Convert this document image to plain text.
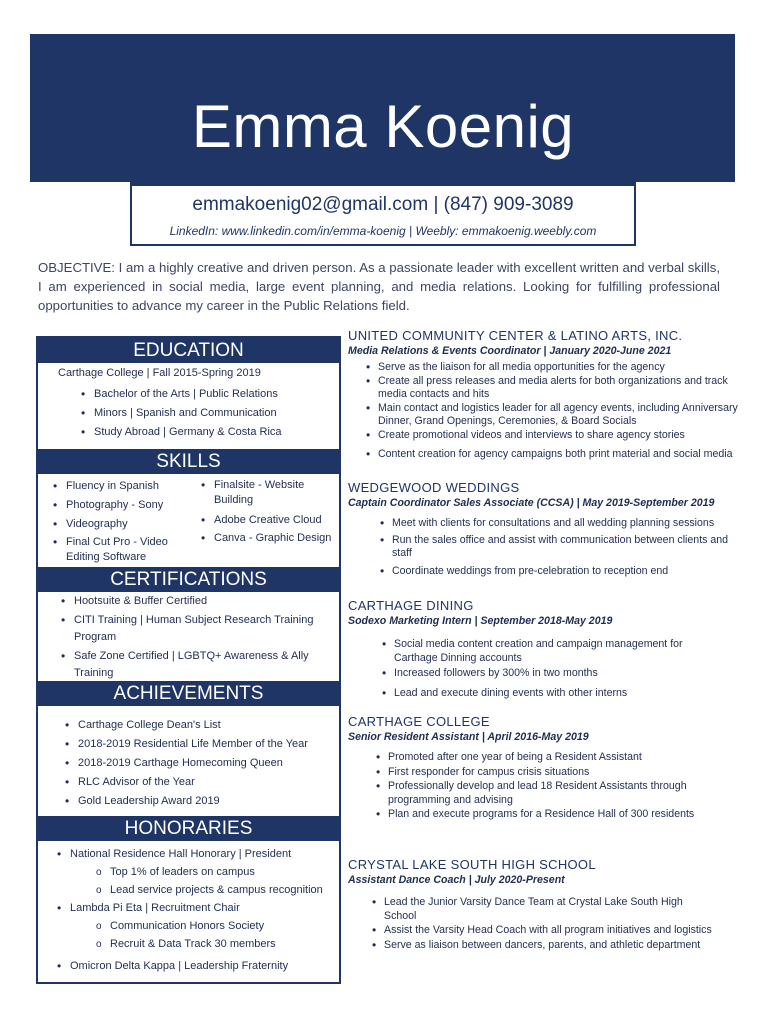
Emma Koenig
emmakoenig02@gmail.com | (847) 909-3089
LinkedIn: www.linkedin.com/in/emma-koenig | Weebly: emmakoenig.weebly.com
OBJECTIVE: I am a highly creative and driven person. As a passionate leader with excellent written and verbal skills, I am experienced in social media, large event planning, and media relations. Looking for fulfilling professional opportunities to advance my career in the Public Relations field.
EDUCATION
Carthage College | Fall 2015-Spring 2019
• Bachelor of the Arts | Public Relations
• Minors | Spanish and Communication
• Study Abroad | Germany & Costa Rica
SKILLS
• Fluency in Spanish
• Photography - Sony
• Videography
• Final Cut Pro - Video Editing Software
• Finalsite - Website Building
• Adobe Creative Cloud
• Canva - Graphic Design
CERTIFICATIONS
• Hootsuite & Buffer Certified
• CITI Training | Human Subject Research Training Program
• Safe Zone Certified | LGBTQ+ Awareness & Ally Training
ACHIEVEMENTS
• Carthage College Dean's List
• 2018-2019 Residential Life Member of the Year
• 2018-2019 Carthage Homecoming Queen
• RLC Advisor of the Year
• Gold Leadership Award 2019
HONORARIES
• National Residence Hall Honorary | President
o Top 1% of leaders on campus
o Lead service projects & campus recognition
• Lambda Pi Eta | Recruitment Chair
o Communication Honors Society
o Recruit & Data Track 30 members
• Omicron Delta Kappa | Leadership Fraternity
UNITED COMMUNITY CENTER & LATINO ARTS, INC.
Media Relations & Events Coordinator | January 2020-June 2021
• Serve as the liaison for all media opportunities for the agency
• Create all press releases and media alerts for both organizations and track media contacts and hits
• Main contact and logistics leader for all agency events, including Anniversary Dinner, Grand Openings, Ceremonies, & Board Socials
• Create promotional videos and interviews to share agency stories
• Content creation for agency campaigns both print material and social media
WEDGEWOOD WEDDINGS
Captain Coordinator Sales Associate (CCSA) | May 2019-September 2019
• Meet with clients for consultations and all wedding planning sessions
• Run the sales office and assist with communication between clients and staff
• Coordinate weddings from pre-celebration to reception end
CARTHAGE DINING
Sodexo Marketing Intern | September 2018-May 2019
• Social media content creation and campaign management for Carthage Dinning accounts
• Increased followers by 300% in two months
• Lead and execute dining events with other interns
CARTHAGE COLLEGE
Senior Resident Assistant | April 2016-May 2019
• Promoted after one year of being a Resident Assistant
• First responder for campus crisis situations
• Professionally develop and lead 18 Resident Assistants through programming and advising
• Plan and execute programs for a Residence Hall of 300 residents
CRYSTAL LAKE SOUTH HIGH SCHOOL
Assistant Dance Coach | July 2020-Present
• Lead the Junior Varsity Dance Team at Crystal Lake South High School
• Assist the Varsity Head Coach with all program initiatives and logistics
• Serve as liaison between dancers, parents, and athletic department
